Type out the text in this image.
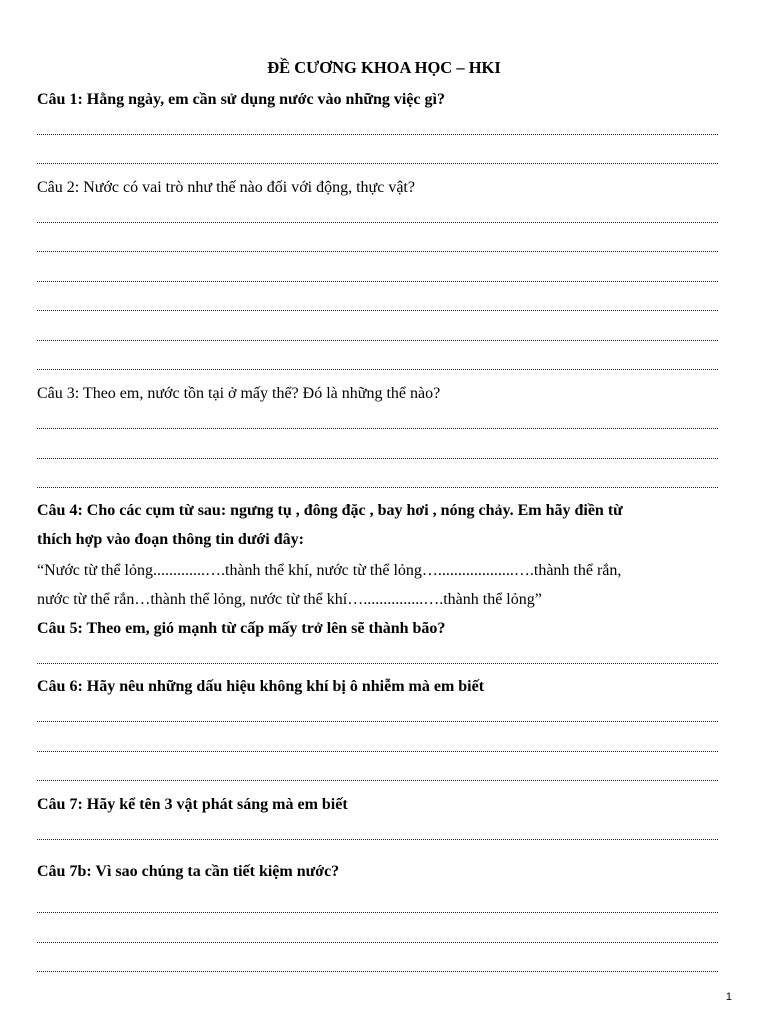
ĐỀ CƯƠNG KHOA HỌC – HKI
Câu 1: Hằng ngày, em cần sử dụng nước vào những việc gì?
Câu 2: Nước có vai trò như thế nào đối với động, thực vật?
Câu 3: Theo em, nước tồn tại ở mấy thể? Đó là những thể nào?
Câu 4: Cho các cụm từ sau: ngưng tụ , đông đặc , bay hơi , nóng chảy. Em hãy điền từ
thích hợp vào đoạn thông tin dưới đây:
“Nước từ thể lỏng.............….thành thể khí, nước từ thể lỏng…...................….thành thể rắn,
nước từ thể rắn…thành thể lỏng, nước từ thể khí…...............….thành thể lỏng”
Câu 5: Theo em, gió mạnh từ cấp mấy trở lên sẽ thành bão?
Câu 6: Hãy nêu những dấu hiệu không khí bị ô nhiễm mà em biết
Câu 7: Hãy kể tên 3 vật phát sáng mà em biết
Câu 7b: Vì sao chúng ta cần tiết kiệm nước?
1
